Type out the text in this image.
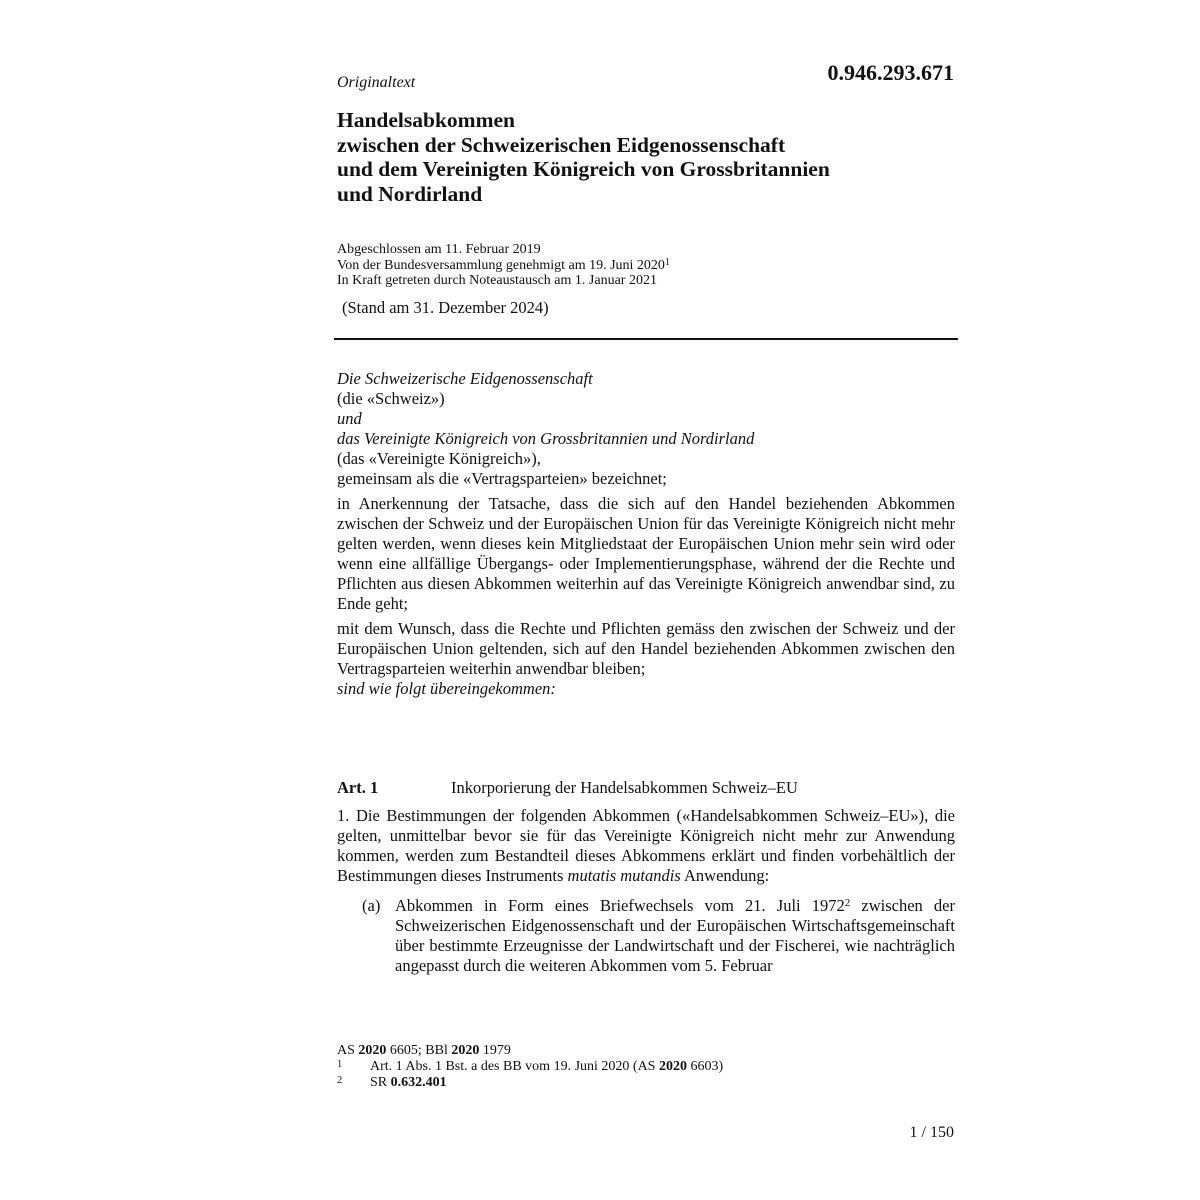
Originaltext	0.946.293.671
Handelsabkommen
zwischen der Schweizerischen Eidgenossenschaft
und dem Vereinigten Königreich von Grossbritannien
und Nordirland
Abgeschlossen am 11. Februar 2019
Von der Bundesversammlung genehmigt am 19. Juni 2020$^1$
In Kraft getreten durch Noteaustausch am 1. Januar 2021
(Stand am 31. Dezember 2024)
Die Schweizerische Eidgenossenschaft
(die «Schweiz»)
und
das Vereinigte Königreich von Grossbritannien und Nordirland
(das «Vereinigte Königreich»),
gemeinsam als die «Vertragsparteien» bezeichnet;

in Anerkennung der Tatsache, dass die sich auf den Handel beziehenden Abkommen zwischen der Schweiz und der Europäischen Union für das Vereinigte Königreich nicht mehr gelten werden, wenn dieses kein Mitgliedstaat der Europäischen Union mehr sein wird oder wenn eine allfällige Übergangs- oder Implementierungsphase, während der die Rechte und Pflichten aus diesen Abkommen weiterhin auf das Vereinigte Königreich anwendbar sind, zu Ende geht;

mit dem Wunsch, dass die Rechte und Pflichten gemäss den zwischen der Schweiz und der Europäischen Union geltenden, sich auf den Handel beziehenden Abkommen zwischen den Vertragsparteien weiterhin anwendbar bleiben;

sind wie folgt übereingekommen:

Art. 1	Inkorporierung der Handelsabkommen Schweiz–EU
1. Die Bestimmungen der folgenden Abkommen («Handelsabkommen Schweiz–EU»), die gelten, unmittelbar bevor sie für das Vereinigte Königreich nicht mehr zur Anwendung kommen, werden zum Bestandteil dieses Abkommens erklärt und finden vorbehältlich der Bestimmungen dieses Instruments mutatis mutandis Anwendung:
(a) Abkommen in Form eines Briefwechsels vom 21. Juli 1972$^2$ zwischen der Schweizerischen Eidgenossenschaft und der Europäischen Wirtschaftsgemeinschaft über bestimmte Erzeugnisse der Landwirtschaft und der Fischerei, wie nachträglich angepasst durch die weiteren Abkommen vom 5. Februar
AS 2020 6605; BBl 2020 1979
1 Art. 1 Abs. 1 Bst. a des BB vom 19. Juni 2020 (AS 2020 6603)
2 SR 0.632.401
1 / 150
